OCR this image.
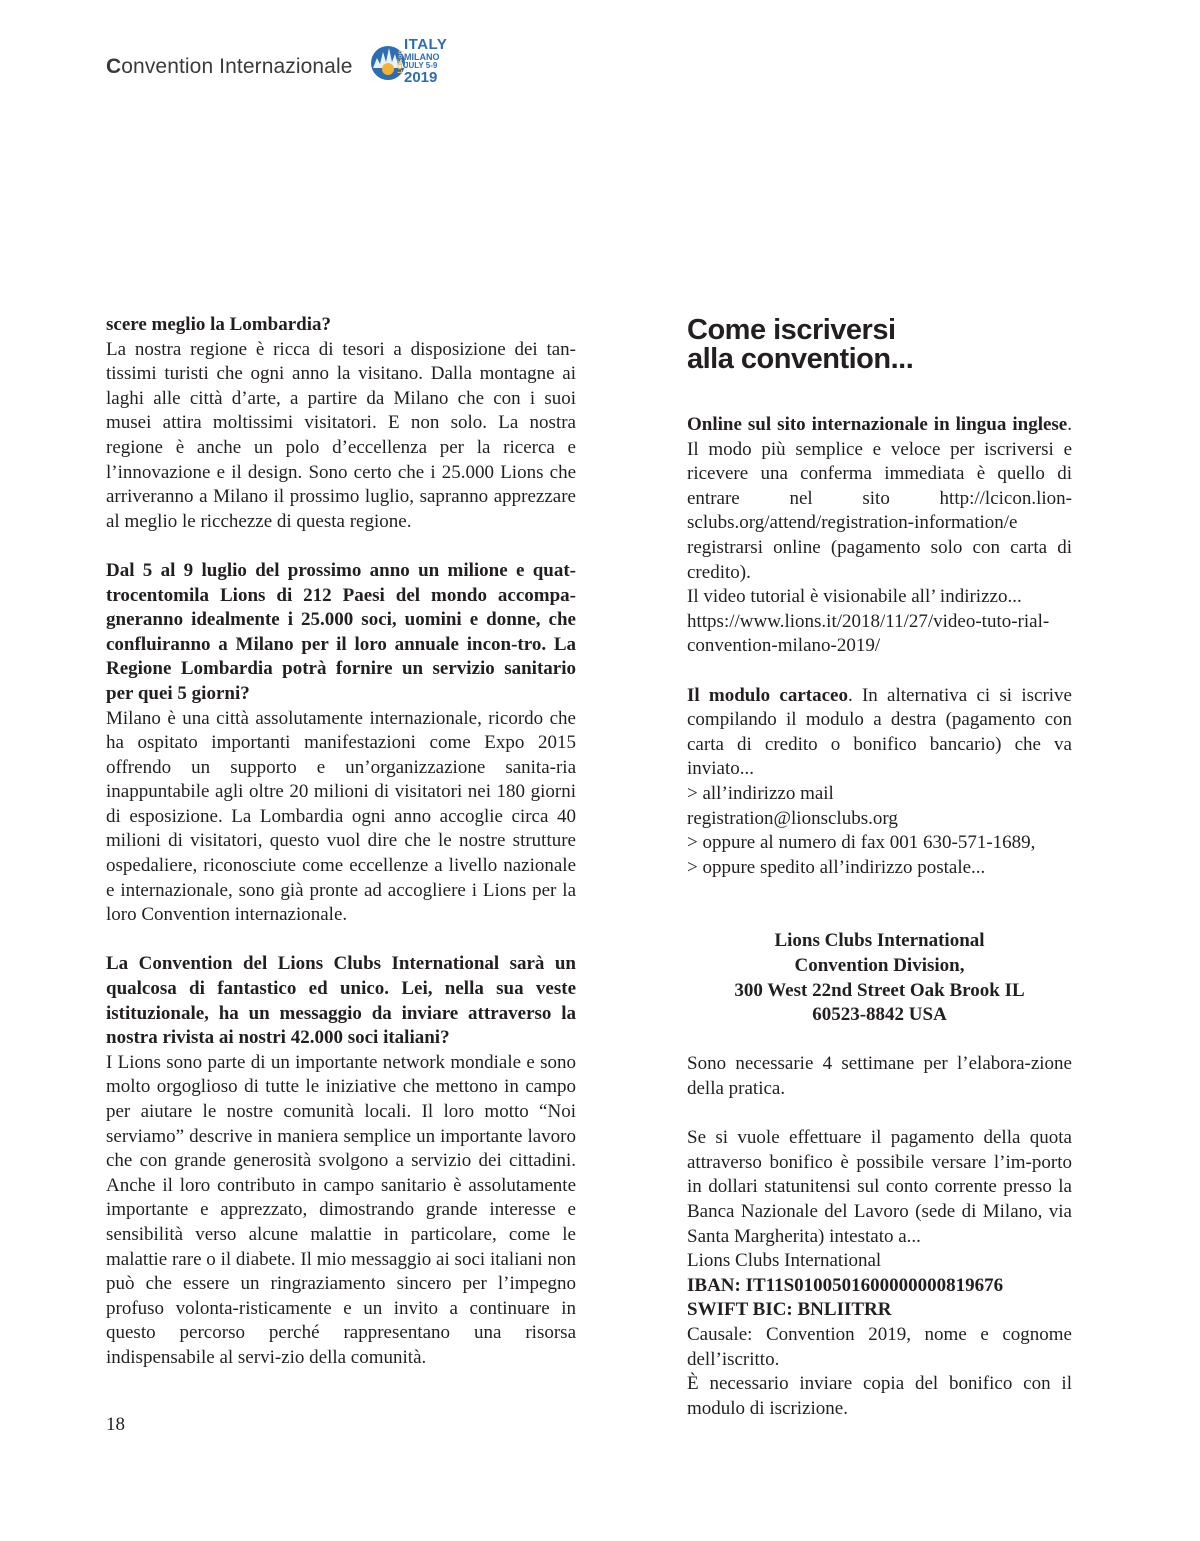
Convention Internazionale	LCICon
ITALY
MILANO
JULY 5-9
2019

scere meglio la Lombardia?

La nostra regione è ricca di tesori a disposizione dei tan-tissimi turisti che ogni anno la visitano. Dalla montagne ai laghi alle città d’arte, a partire da Milano che con i suoi musei attira moltissimi visitatori. E non solo. La nostra regione è anche un polo d’eccellenza per la ricerca e l’innovazione e il design. Sono certo che i 25.000 Lions che arriveranno a Milano il prossimo luglio, sapranno apprezzare al meglio le ricchezze di questa regione.

Dal 5 al 9 luglio del prossimo anno un milione e quat-trocentomila Lions di 212 Paesi del mondo accompa-gneranno idealmente i 25.000 soci, uomini e donne, che confluiranno a Milano per il loro annuale incon-tro. La Regione Lombardia potrà fornire un servizio sanitario per quei 5 giorni?

Milano è una città assolutamente internazionale, ricordo che ha ospitato importanti manifestazioni come Expo 2015 offrendo un supporto e un’organizzazione sanita-ria inappuntabile agli oltre 20 milioni di visitatori nei 180 giorni di esposizione. La Lombardia ogni anno accoglie circa 40 milioni di visitatori, questo vuol dire che le nostre strutture ospedaliere, riconosciute come eccellenze a livello nazionale e internazionale, sono già pronte ad accogliere i Lions per la loro Convention internazionale.

La Convention del Lions Clubs International sarà un qualcosa di fantastico ed unico. Lei, nella sua veste istituzionale, ha un messaggio da inviare attraverso la nostra rivista ai nostri 42.000 soci italiani?

I Lions sono parte di un importante network mondiale e sono molto orgoglioso di tutte le iniziative che mettono in campo per aiutare le nostre comunità locali. Il loro motto “Noi serviamo” descrive in maniera semplice un importante lavoro che con grande generosità svolgono a servizio dei cittadini. Anche il loro contributo in campo sanitario è assolutamente importante e apprezzato, dimostrando grande interesse e sensibilità verso alcune malattie in particolare, come le malattie rare o il diabete. Il mio messaggio ai soci italiani non può che essere un ringraziamento sincero per l’impegno profuso volonta-risticamente e un invito a continuare in questo percorso perché rappresentano una risorsa indispensabile al servi-zio della comunità.

Come iscriversi
alla convention...

Online sul sito internazionale in lingua inglese. Il modo più semplice e veloce per iscriversi e ricevere una conferma immediata è quello di entrare nel sito http://lcicon.lion-sclubs.org/attend/registration-information/e registrarsi online (pagamento solo con carta di credito).

Il video tutorial è visionabile all’ indirizzo...

https://www.lions.it/2018/11/27/video-tuto-rial-convention-milano-2019/

Il modulo cartaceo. In alternativa ci si iscrive compilando il modulo a destra (pagamento con carta di credito o bonifico bancario) che va inviato...

> all’indirizzo mail

registration@lionsclubs.org

> oppure al numero di fax 001 630-571-1689,

> oppure spedito all’indirizzo postale...

Lions Clubs International

Convention Division,

300 West 22nd Street Oak Brook IL

60523-8842 USA

Sono necessarie 4 settimane per l’elabora-zione della pratica.

Se si vuole effettuare il pagamento della quota attraverso bonifico è possibile versare l’im-porto in dollari statunitensi sul conto corrente presso la Banca Nazionale del Lavoro (sede di Milano, via Santa Margherita) intestato a...

Lions Clubs International

IBAN: IT11S0100501600000000819676

SWIFT BIC: BNLIITRR

Causale: Convention 2019, nome e cognome dell’iscritto.

È necessario inviare copia del bonifico con il modulo di iscrizione.

18
